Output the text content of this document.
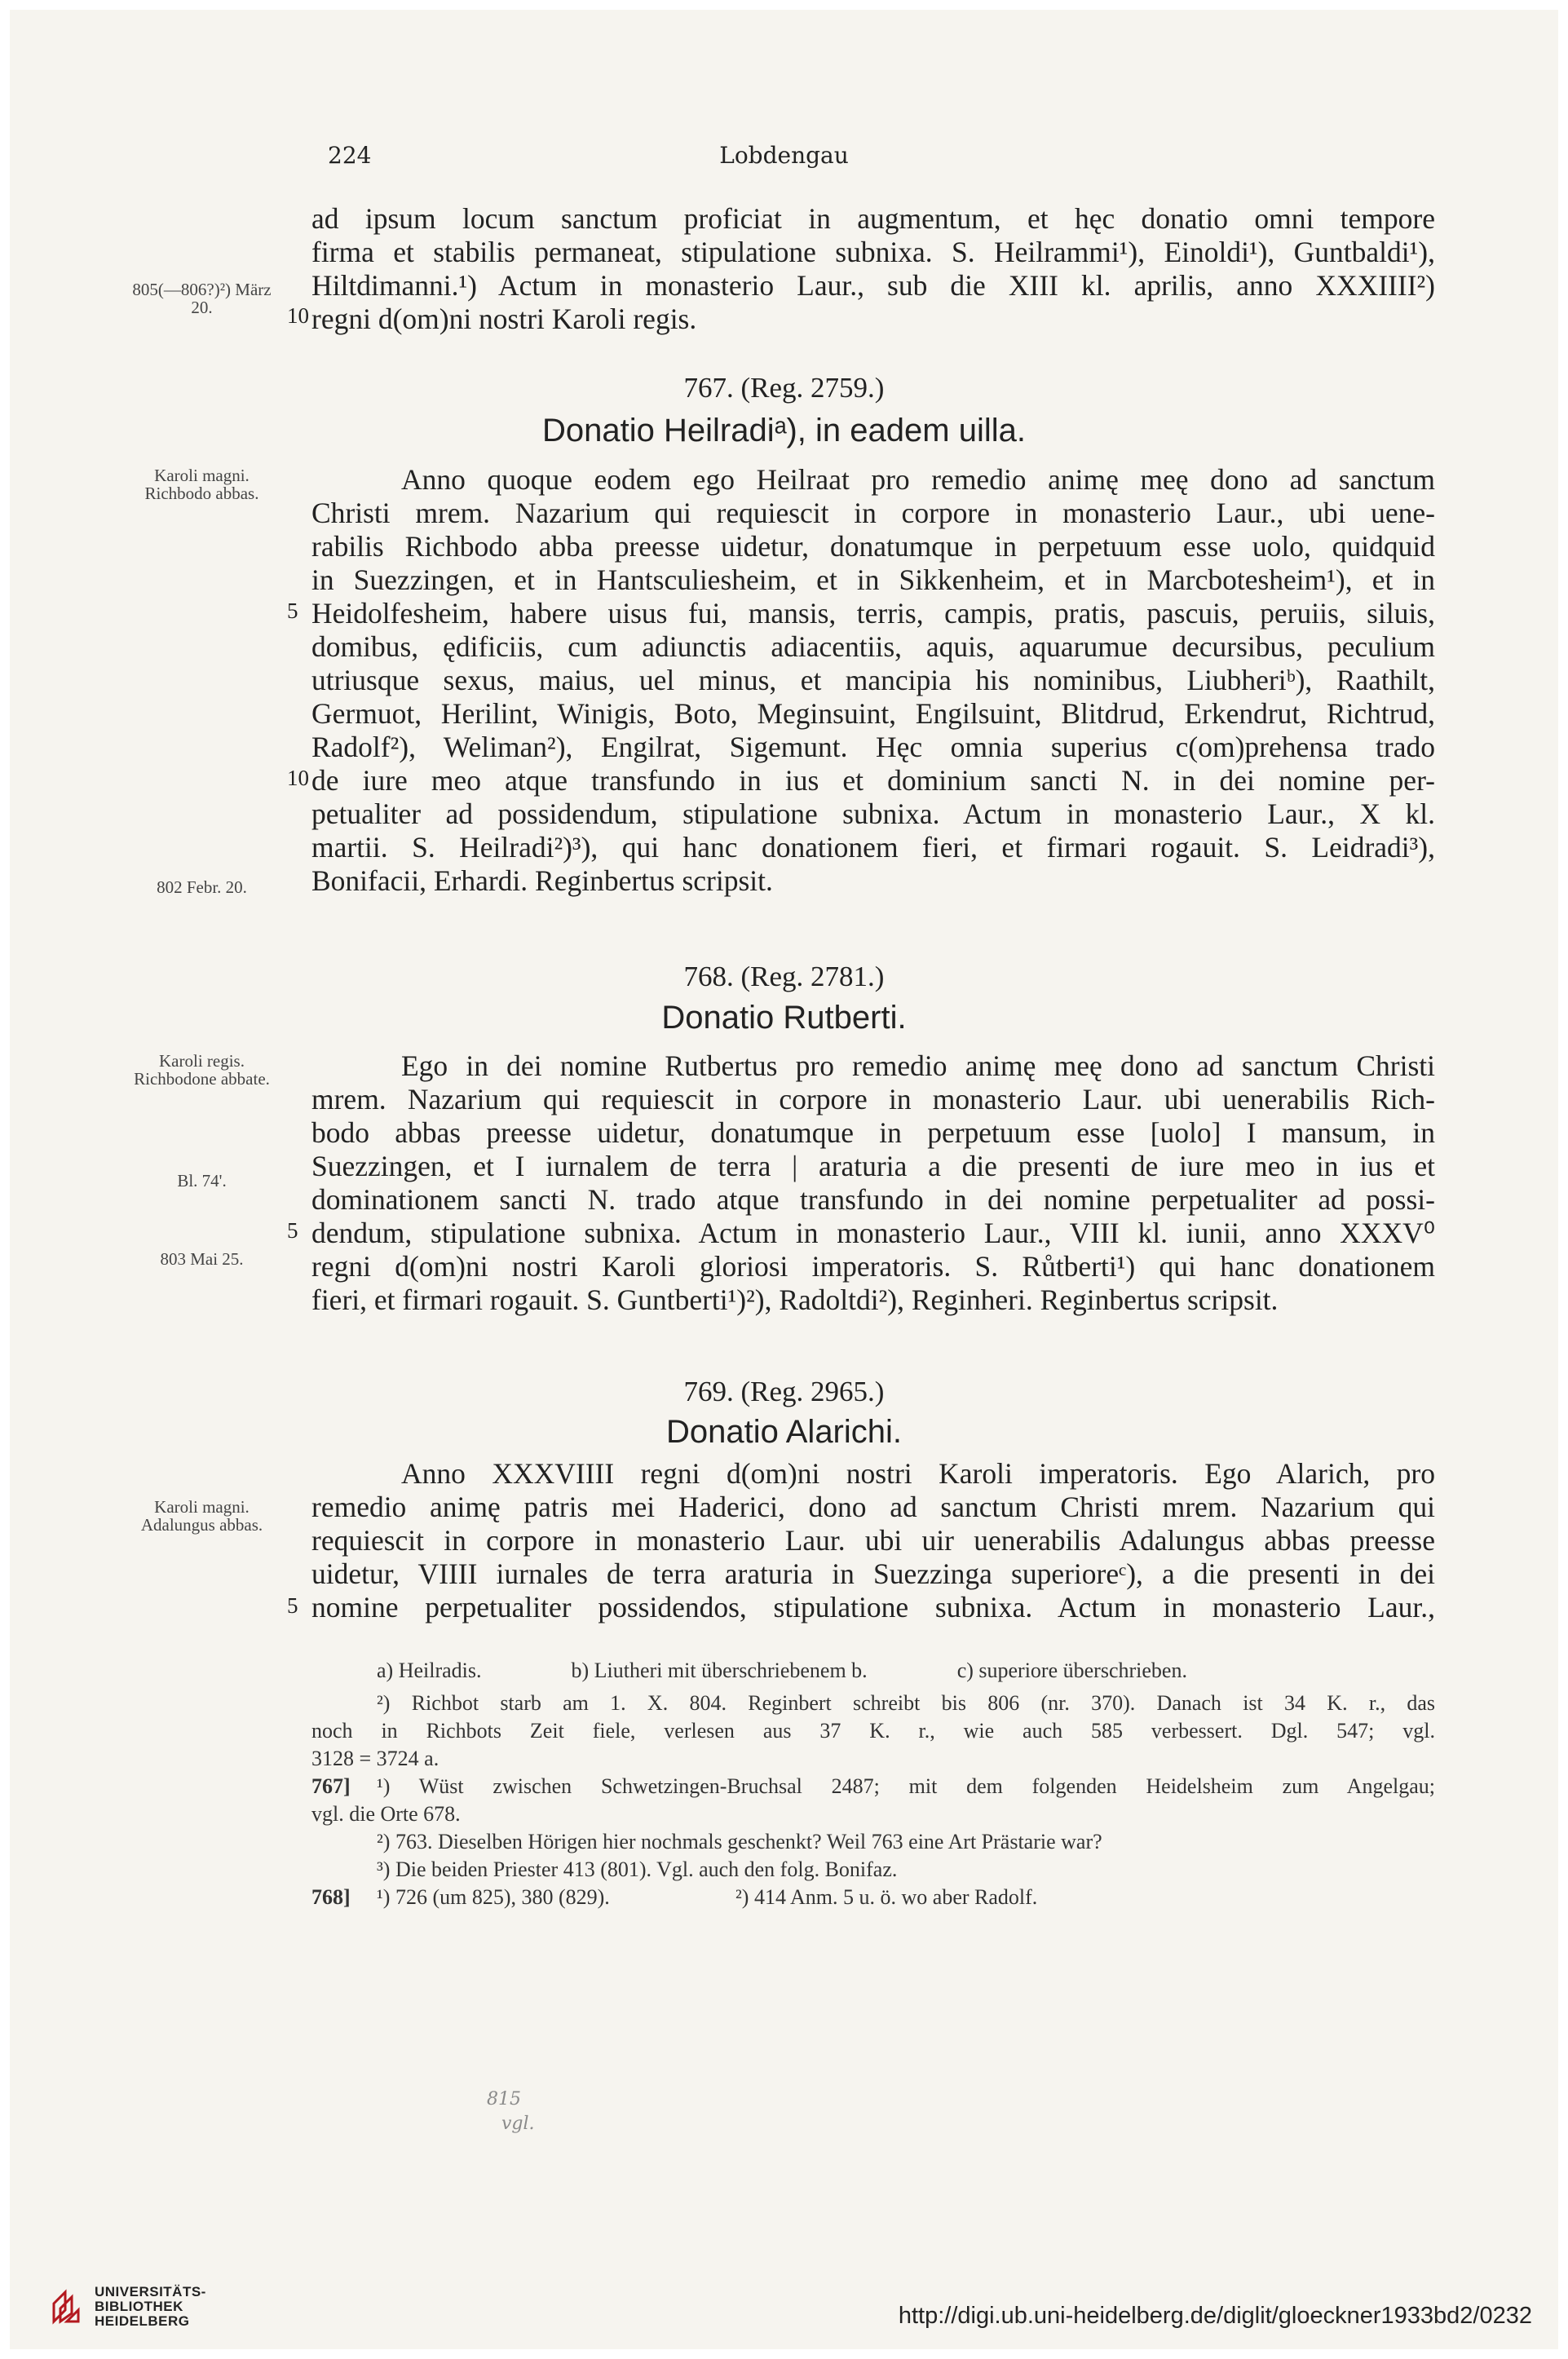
224	Lobdengau
ad ipsum locum sanctum proficiat in augmentum, et hęc donatio omni tempore
firma et stabilis permaneat, stipulatione subnixa. S. Heilrammi¹), Einoldi¹), Guntbaldi¹),
Hiltdimanni.¹) Actum in monasterio Laur., sub die XIII kl. aprilis, anno XXXIIII²)
regni d(om)ni nostri Karoli regis.
805(—806?)²) März 20.	10
767. (Reg. 2759.)
Donatio Heilradiᵃ), in eadem uilla.
Karoli magni. Richbodo abbas.	Anno quoque eodem ego Heilraat pro remedio animę meę dono ad sanctum
Christi mrem. Nazarium qui requiescit in corpore in monasterio Laur., ubi uene-
rabilis Richbodo abba preesse uidetur, donatumque in perpetuum esse uolo, quidquid
in Suezzingen, et in Hantsculiesheim, et in Sikkenheim, et in Marcbotesheim¹), et in
Heidolfesheim, habere uisus fui, mansis, terris, campis, pratis, pascuis, peruiis, siluis,
domibus, ędificiis, cum adiunctis adiacentiis, aquis, aquarumue decursibus, peculium
utriusque sexus, maius, uel minus, et mancipia his nominibus, Liubheriᵇ), Raathilt,
Germuot, Herilint, Winigis, Boto, Meginsuint, Engilsuint, Blitdrud, Erkendrut, Richtrud,
Radolf²), Weliman²), Engilrat, Sigemunt. Hęc omnia superius c(om)prehensa trado
de iure meo atque transfundo in ius et dominium sancti N. in dei nomine per-
petualiter ad possidendum, stipulatione subnixa. Actum in monasterio Laur., X kl.
martii. S. Heilradi²)³), qui hanc donationem fieri, et firmari rogauit. S. Leidradi³),
Bonifacii, Erhardi. Reginbertus scripsit.
5
10
802 Febr. 20.
768. (Reg. 2781.)
Donatio Rutberti.
Karoli regis. Richbodone abbate.	Ego in dei nomine Rutbertus pro remedio animę meę dono ad sanctum Christi
mrem. Nazarium qui requiescit in corpore in monasterio Laur. ubi uenerabilis Rich-
bodo abbas preesse uidetur, donatumque in perpetuum esse [uolo] I mansum, in
Suezzingen, et I iurnalem de terra | araturia a die presenti de iure meo in ius et
dominationem sancti N. trado atque transfundo in dei nomine perpetualiter ad possi-
dendum, stipulatione subnixa. Actum in monasterio Laur., VIII kl. iunii, anno XXXV⁰
regni d(om)ni nostri Karoli gloriosi imperatoris. S. Růtberti¹) qui hanc donationem
fieri, et firmari rogauit. S. Guntberti¹)²), Radoltdi²), Reginheri. Reginbertus scripsit.
Bl. 74'.
5
803 Mai 25.
769. (Reg. 2965.)
Donatio Alarichi.
Anno XXXVIIII regni d(om)ni nostri Karoli imperatoris. Ego Alarich, pro
remedio animę patris mei Haderici, dono ad sanctum Christi mrem. Nazarium qui
requiescit in corpore in monasterio Laur. ubi uir uenerabilis Adalungus abbas preesse
uidetur, VIIII iurnales de terra araturia in Suezzinga superioreᶜ), a die presenti in dei
nomine perpetualiter possidendos, stipulatione subnixa. Actum in monasterio Laur.,
Karoli magni. Adalungus abbas.
5
a) Heilradis.	b) Liutheri mit überschriebenem b.	c) superiore überschrieben.
²) Richbot starb am 1. X. 804. Reginbert schreibt bis 806 (nr. 370). Danach ist 34 K. r., das
noch in Richbots Zeit fiele, verlesen aus 37 K. r., wie auch 585 verbessert. Dgl. 547; vgl.
3128 = 3724 a.
767]	¹) Wüst zwischen Schwetzingen-Bruchsal 2487; mit dem folgenden Heidelsheim zum Angelgau;
vgl. die Orte 678.
²) 763. Dieselben Hörigen hier nochmals geschenkt? Weil 763 eine Art Prästarie war?
³) Die beiden Priester 413 (801). Vgl. auch den folg. Bonifaz.
768] ¹) 726 (um 825), 380 (829).	²) 414 Anm. 5 u. ö. wo aber Radolf.
815
vgl.
UNIVERSITÄTS-
BIBLIOTHEK
HEIDELBERG	http://digi.ub.uni-heidelberg.de/diglit/gloeckner1933bd2/0232
